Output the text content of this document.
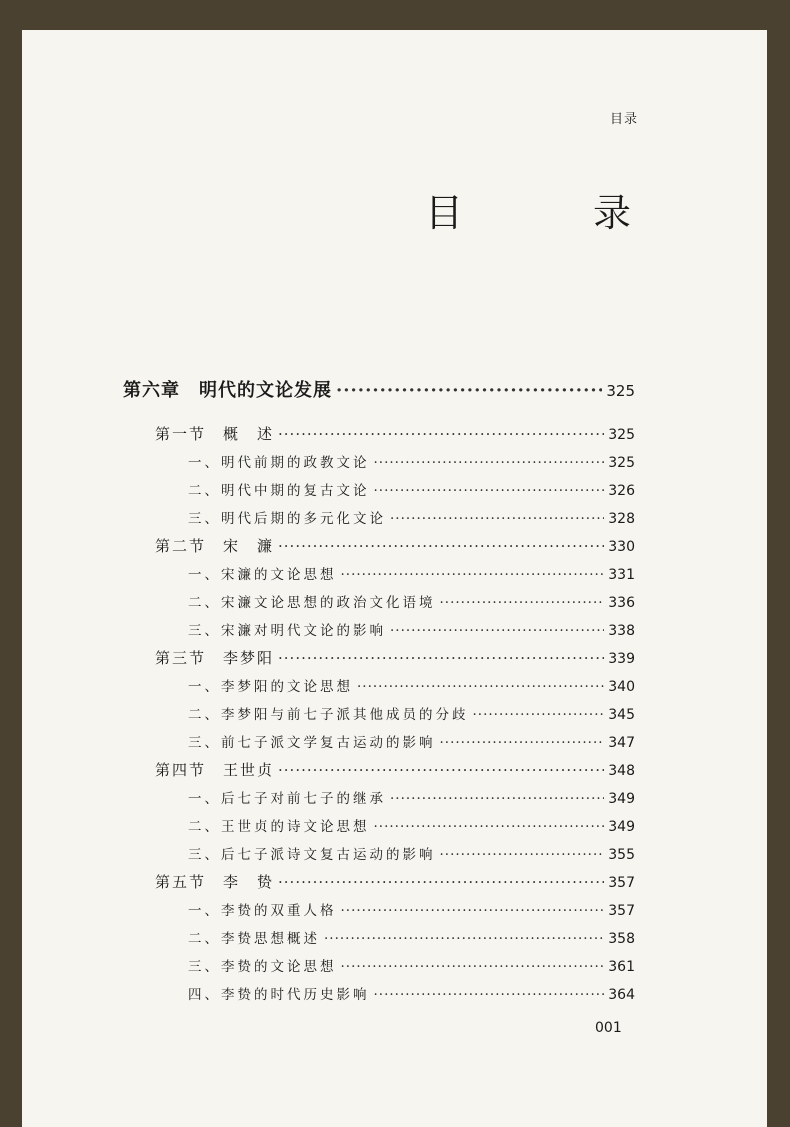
目录
目　录
第六章　明代的文论发展 ·····	325
第一节　概　述 ·····	325
一、明代前期的政教文论 ·····	325
二、明代中期的复古文论 ·····	326
三、明代后期的多元化文论 ·····	328
第二节　宋　濂 ·····	330
一、宋濂的文论思想 ·····	331
二、宋濂文论思想的政治文化语境 ·····	336
三、宋濂对明代文论的影响 ·····	338
第三节　李梦阳 ·····	339
一、李梦阳的文论思想 ·····	340
二、李梦阳与前七子派其他成员的分歧 ·····	345
三、前七子派文学复古运动的影响 ·····	347
第四节　王世贞 ·····	348
一、后七子对前七子的继承 ·····	349
二、王世贞的诗文论思想 ·····	349
三、后七子派诗文复古运动的影响 ·····	355
第五节　李　贽 ·····	357
一、李贽的双重人格 ·····	357
二、李贽思想概述 ·····	358
三、李贽的文论思想 ·····	361
四、李贽的时代历史影响 ·····	364
001
